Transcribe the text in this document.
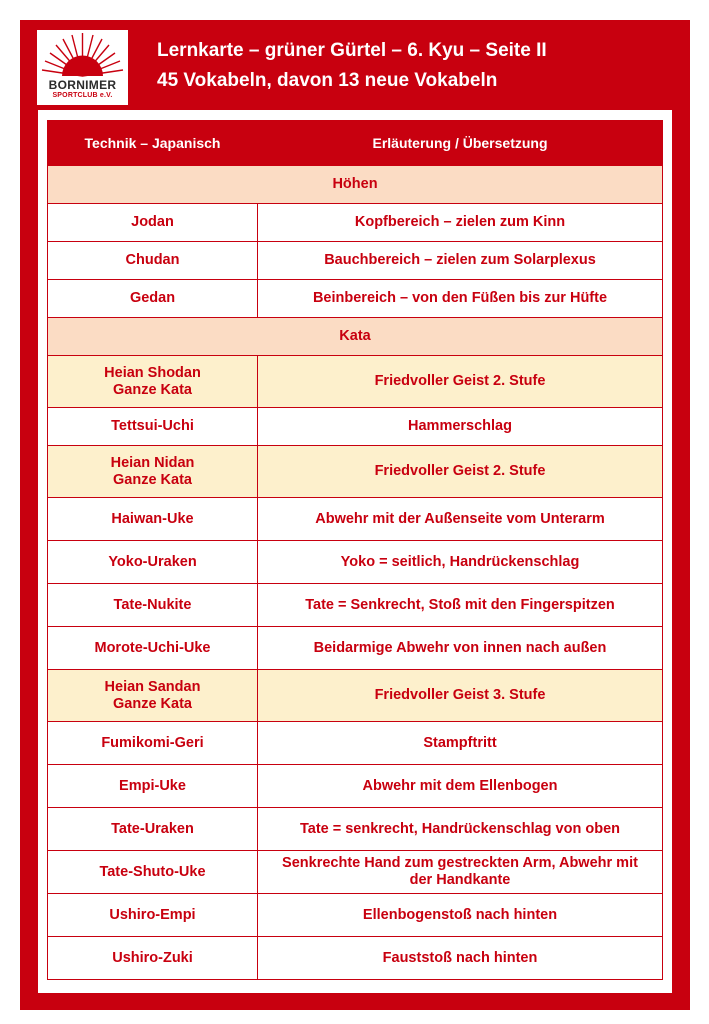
BORNIMER
SPORTCLUB e.V.
Lernkarte – grüner Gürtel – 6. Kyu – Seite II
45 Vokabeln, davon 13 neue Vokabeln
Technik – Japanisch	Erläuterung / Übersetzung
Höhen	
Jodan	Kopfbereich – zielen zum Kinn
Chudan	Bauchbereich – zielen zum Solarplexus
Gedan	Beinbereich – von den Füßen bis zur Hüfte
Kata	

Heian Shodan
Ganze Kata	Friedvoller Geist 2. Stufe
Tettsui-Uchi	Hammerschlag

Heian Nidan
Ganze Kata	Friedvoller Geist 2. Stufe
Haiwan-Uke	Abwehr mit der Außenseite vom Unterarm
Yoko-Uraken	Yoko = seitlich, Handrückenschlag
Tate-Nukite	Tate = Senkrecht, Stoß mit den Fingerspitzen
Morote-Uchi-Uke	Beidarmige Abwehr von innen nach außen

Heian Sandan
Ganze Kata	Friedvoller Geist 3. Stufe
Fumikomi-Geri	Stampftritt
Empi-Uke	Abwehr mit dem Ellenbogen
Tate-Uraken	Tate = senkrecht, Handrückenschlag von oben
Tate-Shuto-Uke	Senkrechte Hand zum gestreckten Arm, Abwehr mit
der Handkante

Ushiro-Empi	Ellenbogenstoß nach hinten
Ushiro-Zuki	Fauststoß nach hinten
